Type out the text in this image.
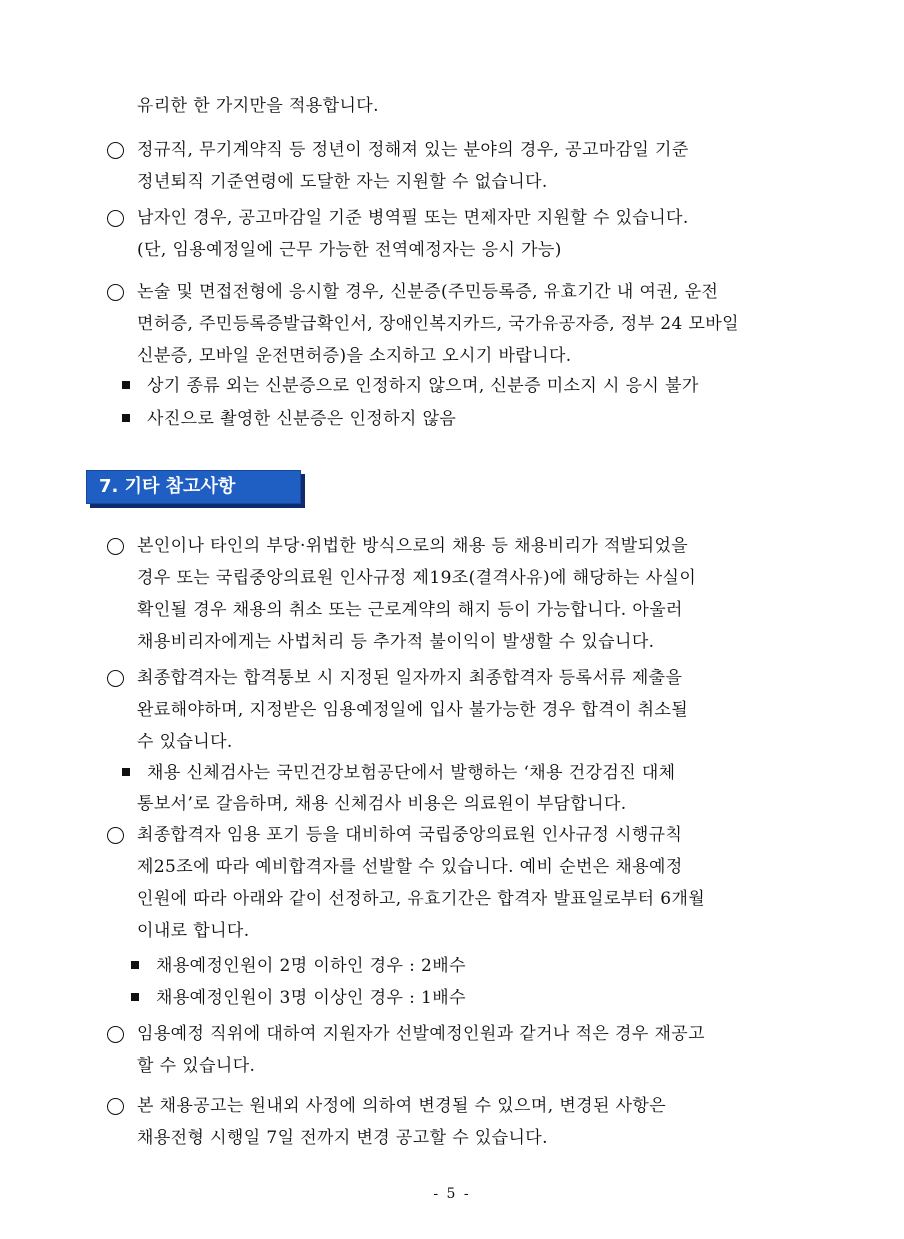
유리한 한 가지만을 적용합니다.
정규직, 무기계약직 등 정년이 정해져 있는 분야의 경우, 공고마감일 기준
정년퇴직 기준연령에 도달한 자는 지원할 수 없습니다.
남자인 경우, 공고마감일 기준 병역필 또는 면제자만 지원할 수 있습니다.
(단, 임용예정일에 근무 가능한 전역예정자는 응시 가능)
논술 및 면접전형에 응시할 경우, 신분증(주민등록증, 유효기간 내 여권, 운전
면허증, 주민등록증발급확인서, 장애인복지카드, 국가유공자증, 정부 24 모바일
신분증, 모바일 운전면허증)을 소지하고 오시기 바랍니다.
상기 종류 외는 신분증으로 인정하지 않으며, 신분증 미소지 시 응시 불가
사진으로 촬영한 신분증은 인정하지 않음
7. 기타 참고사항
본인이나 타인의 부당·위법한 방식으로의 채용 등 채용비리가 적발되었을
경우 또는 국립중앙의료원 인사규정 제19조(결격사유)에 해당하는 사실이
확인될 경우 채용의 취소 또는 근로계약의 해지 등이 가능합니다. 아울러
채용비리자에게는 사법처리 등 추가적 불이익이 발생할 수 있습니다.
최종합격자는 합격통보 시 지정된 일자까지 최종합격자 등록서류 제출을
완료해야하며, 지정받은 임용예정일에 입사 불가능한 경우 합격이 취소될
수 있습니다.
채용 신체검사는 국민건강보험공단에서 발행하는 ‘채용 건강검진 대체
통보서’로 갈음하며, 채용 신체검사 비용은 의료원이 부담합니다.
최종합격자 임용 포기 등을 대비하여 국립중앙의료원 인사규정 시행규칙
제25조에 따라 예비합격자를 선발할 수 있습니다. 예비 순번은 채용예정
인원에 따라 아래와 같이 선정하고, 유효기간은 합격자 발표일로부터 6개월
이내로 합니다.
채용예정인원이 2명 이하인 경우 : 2배수
채용예정인원이 3명 이상인 경우 : 1배수
임용예정 직위에 대하여 지원자가 선발예정인원과 같거나 적은 경우 재공고
할 수 있습니다.
본 채용공고는 원내외 사정에 의하여 변경될 수 있으며, 변경된 사항은
채용전형 시행일 7일 전까지 변경 공고할 수 있습니다.
- 5 -
